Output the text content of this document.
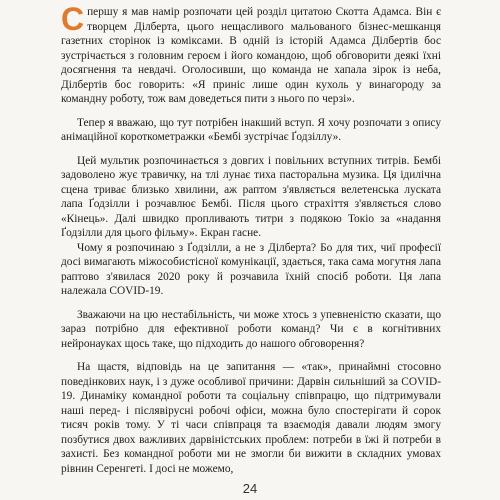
Спершу я мав намір розпочати цей розділ цитатою Скотта Адамса. Він є творцем Ділберта, цього нещасливого мальованого бізнес-мешканця газетних сторінок із коміксами. В одній із історій Адамса Ділбертів бос зустрічається з головним героєм і його командою, щоб обговорити деякі їхні досягнення та невдачі. Оголосивши, що команда не хапала зірок із неба, Ділбертів бос говорить: «Я приніс лише один кухоль у винагороду за командну роботу, тож вам доведеться пити з нього по черзі».

Тепер я вважаю, що тут потрібен інакший вступ. Я хочу розпочати з опису анімаційної короткометражки «Бембі зустрічає Ґодзіллу».

Цей мультик розпочинається з довгих і повільних вступних титрів. Бембі задоволено жує травичку, на тлі лунає тиха пасторальна музика. Ця ідилічна сцена триває близько хвилини, аж раптом з'являється велетенська луската лапа Ґодзілли і розчавлює Бембі. Після цього страхіття з'являється слово «Кінець». Далі швидко пропливають титри з подякою Токіо за «надання Ґодзілли для цього фільму». Екран гасне.

Чому я розпочинаю з Ґодзілли, а не з Ділберта? Бо для тих, чиї професії досі вимагають міжособистісної комунікації, здається, така сама могутня лапа раптово з'явилася 2020 року й розчавила їхній спосіб роботи. Ця лапа належала COVID-19.

Зважаючи на цю нестабільність, чи може хтось з упевненістю сказати, що зараз потрібно для ефективної роботи команд? Чи є в когнітивних нейронауках щось таке, що підходить до нашого обговорення?

На щастя, відповідь на це запитання — «так», принаймні стосовно поведінкових наук, і з дуже особливої причини: Дарвін сильніший за COVID-19. Динаміку командної роботи та соціальну співпрацю, що підтримували наші перед- і післявірусні робочі офіси, можна було спостерігати й сорок тисяч років тому. У ті часи співпраця та взаємодія давали людям змогу позбутися двох важливих дарвіністських проблем: потреби в їжі й потреби в захисті. Без командної роботи ми не змогли би вижити в складних умовах рівнин Серенгеті. І досі не можемо,

24
